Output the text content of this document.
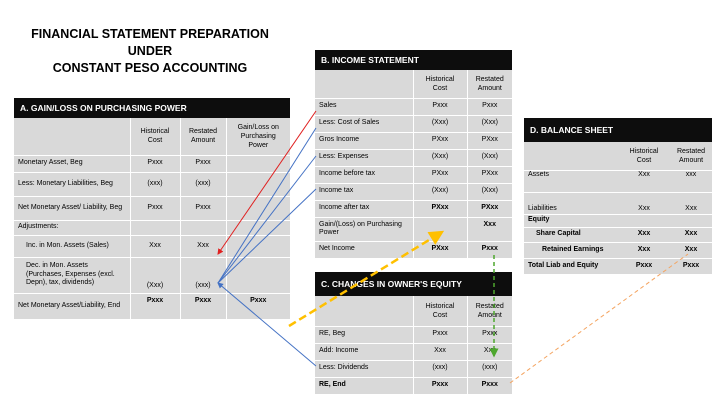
FINANCIAL STATEMENT PREPARATION
UNDER
CONSTANT PESO ACCOUNTING
A. GAIN/LOSS ON PURCHASING POWER
	Historical Cost	Restated Amount	Gain/Loss on Purchasing Power
Monetary Asset, Beg	Pxxx	Pxxx	
Less: Monetary Liabilities, Beg	(xxx)	(xxx)	
Net Monetary Asset/ Liability, Beg	Pxxx	Pxxx	
Adjustments:			
Inc. in Mon. Assets (Sales)	Xxx	Xxx	
Dec. in Mon. Assets (Purchases, Expenses (excl. Depn), tax, dividends)	(Xxx)	(xxx)	
Net Monetary Asset/Liability, End	Pxxx	Pxxx	Pxxx
B. INCOME STATEMENT
	Historical Cost	Restated Amount
Sales	Pxxx	Pxxx
Less: Cost of Sales	(Xxx)	(Xxx)
Gros Income	PXxx	PXxx
Less: Expenses	(Xxx)	(Xxx)
Income before tax	PXxx	PXxx
Income tax	(Xxx)	(Xxx)
Income after tax	PXxx	PXxx
Gain/(Loss) on Purchasing Power		Xxx
Net Income	PXxx	Pxxx
C. CHANGES IN OWNER'S EQUITY
	Historical Cost	Restated Amount
RE, Beg	Pxxx	Pxxx
Add: Income	Xxx	Xxx
Less: Dividends	(xxx)	(xxx)
RE, End	Pxxx	Pxxx
D. BALANCE SHEET
	Historical Cost	Restated Amount
Assets	Xxx	xxx
Liabilities	Xxx	Xxx
Equity		
Share Capital	Xxx	Xxx
Retained Earnings	Xxx	Xxx
Total Liab and Equity	Pxxx	Pxxx
